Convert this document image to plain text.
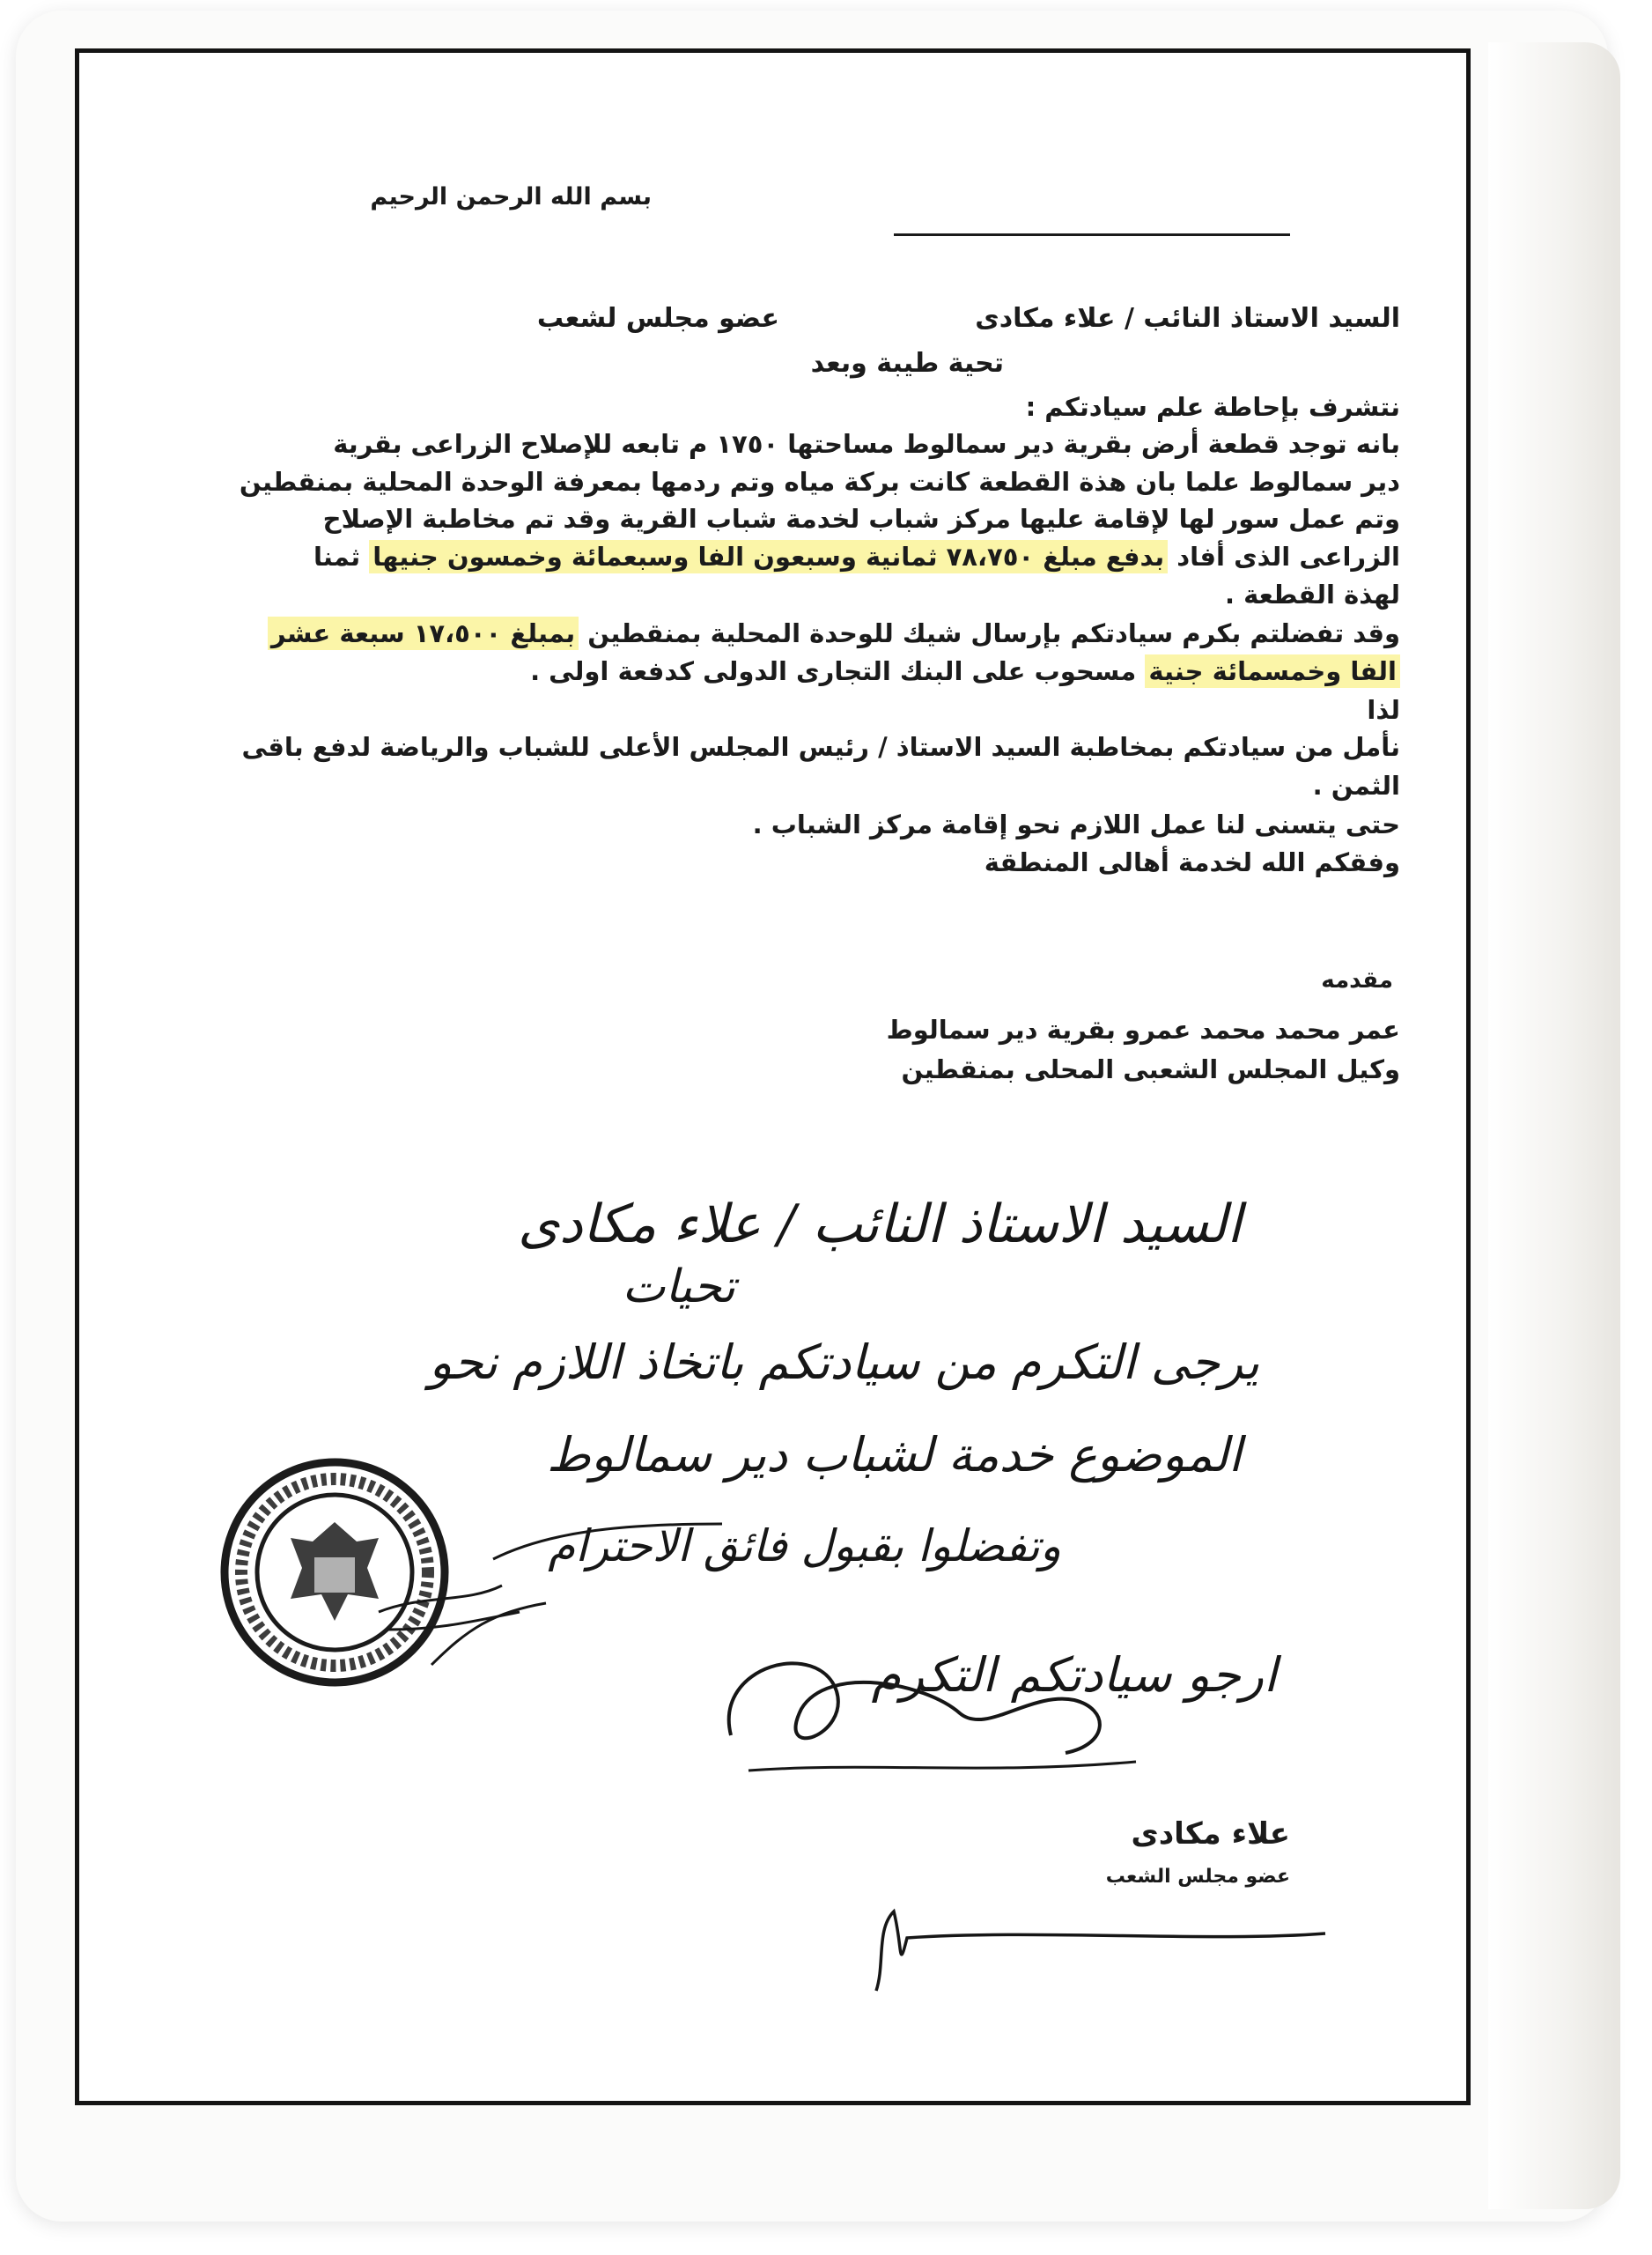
بسم الله الرحمن الرحيم
السيد الاستاذ النائب / علاء مكادى
عضو مجلس لشعب
تحية طيبة وبعد
نتشرف بإحاطة علم سيادتكم :
بانه توجد قطعة أرض بقرية دير سمالوط مساحتها ١٧٥٠ م تابعه للإصلاح الزراعى بقرية
دير سمالوط علما بان هذة القطعة كانت بركة مياه وتم ردمها بمعرفة الوحدة المحلية بمنقطين
وتم عمل سور لها لإقامة عليها مركز شباب لخدمة شباب القرية وقد تم مخاطبة الإصلاح
الزراعى الذى أفاد بدفع مبلغ ٧٨،٧٥٠ ثمانية وسبعون الفا وسبعمائة وخمسون جنيها ثمنا
لهذة القطعة .
وقد تفضلتم بكرم سيادتكم بإرسال شيك للوحدة المحلية بمنقطين بمبلغ ١٧،٥٠٠ سبعة عشر
الفا وخمسمائة جنية مسحوب على البنك التجارى الدولى كدفعة اولى .
لذا
نأمل من سيادتكم بمخاطبة السيد الاستاذ / رئيس المجلس الأعلى للشباب والرياضة لدفع باقى
الثمن .
حتى يتسنى لنا عمل اللازم نحو إقامة مركز الشباب .
وفقكم الله لخدمة أهالى المنطقة
مقدمه
عمر محمد محمد عمرو بقرية دير سمالوط
وكيل المجلس الشعبى المحلى بمنقطين
السيد الاستاذ النائب / علاء مكادى
تحيات
يرجى التكرم من سيادتكم باتخاذ اللازم نحو
الموضوع خدمة لشباب دير سمالوط
وتفضلوا بقبول فائق الاحترام
ارجو سيادتكم التكرم
علاء مكادى
عضو مجلس الشعب
